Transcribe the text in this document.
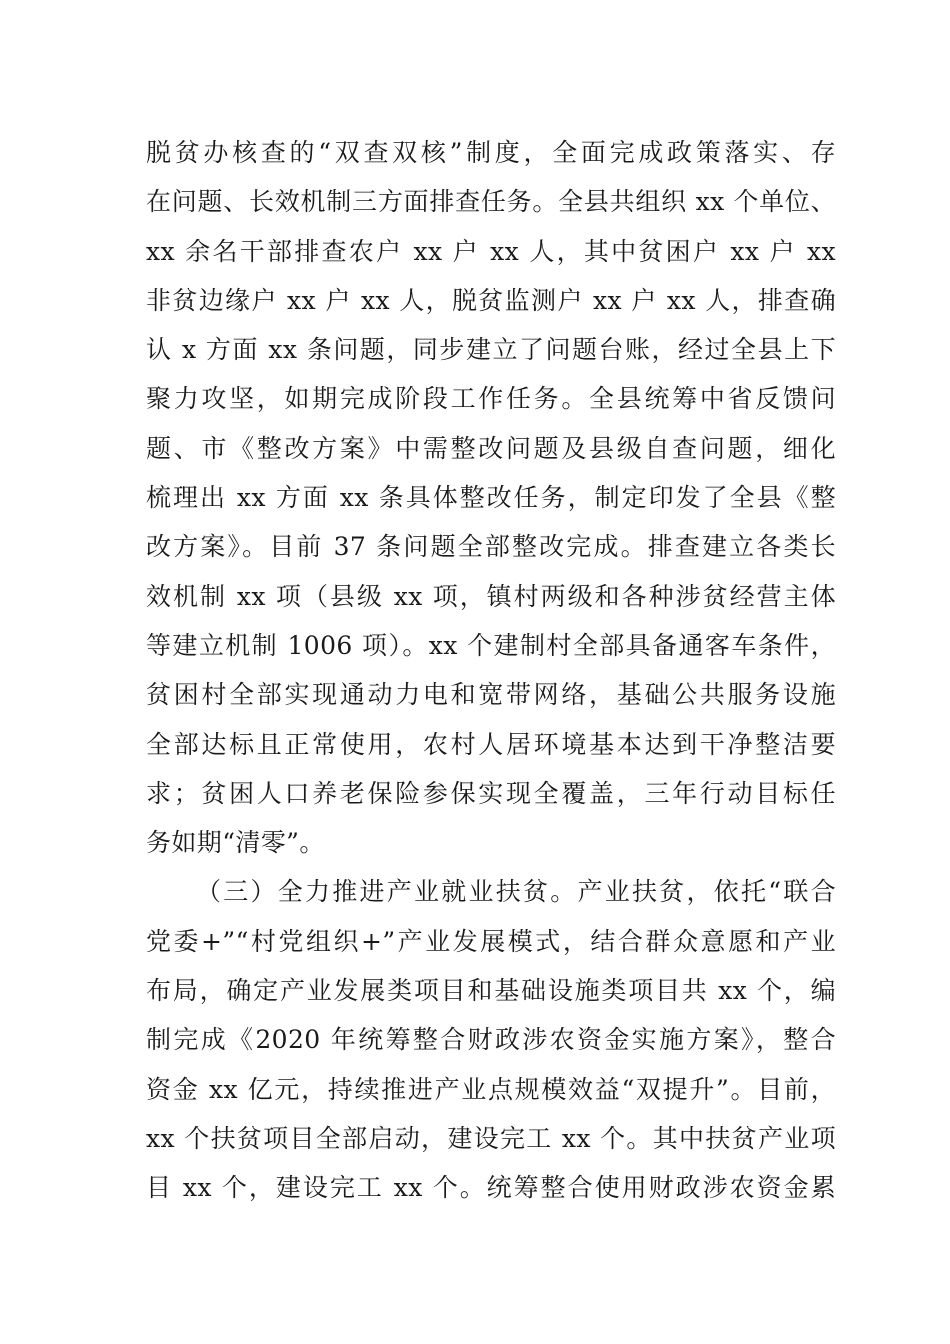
脱贫办核查的“双查双核”制度，全面完成政策落实、存
在问题、长效机制三方面排查任务。全县共组织 xx 个单位、
xx 余名干部排查农户 xx 户 xx 人，其中贫困户 xx 户 xx
非贫边缘户 xx 户 xx 人，脱贫监测户 xx 户 xx 人，排查确
认 x 方面 xx 条问题，同步建立了问题台账，经过全县上下
聚力攻坚，如期完成阶段工作任务。全县统筹中省反馈问
题、市《整改方案》中需整改问题及县级自查问题，细化
梳理出 xx 方面 xx 条具体整改任务，制定印发了全县《整
改方案》。目前 37 条问题全部整改完成。排查建立各类长
效机制 xx 项（县级 xx 项，镇村两级和各种涉贫经营主体
等建立机制 1006 项）。xx 个建制村全部具备通客车条件，
贫困村全部实现通动力电和宽带网络，基础公共服务设施
全部达标且正常使用，农村人居环境基本达到干净整洁要
求；贫困人口养老保险参保实现全覆盖，三年行动目标任
务如期“清零”。
（三）全力推进产业就业扶贫。产业扶贫，依托“联合
党委+”“村党组织+”产业发展模式，结合群众意愿和产业
布局，确定产业发展类项目和基础设施类项目共 xx 个，编
制完成《2020 年统筹整合财政涉农资金实施方案》，整合
资金 xx 亿元，持续推进产业点规模效益“双提升”。目前，
xx 个扶贫项目全部启动，建设完工 xx 个。其中扶贫产业项
目 xx 个，建设完工 xx 个。统筹整合使用财政涉农资金累
